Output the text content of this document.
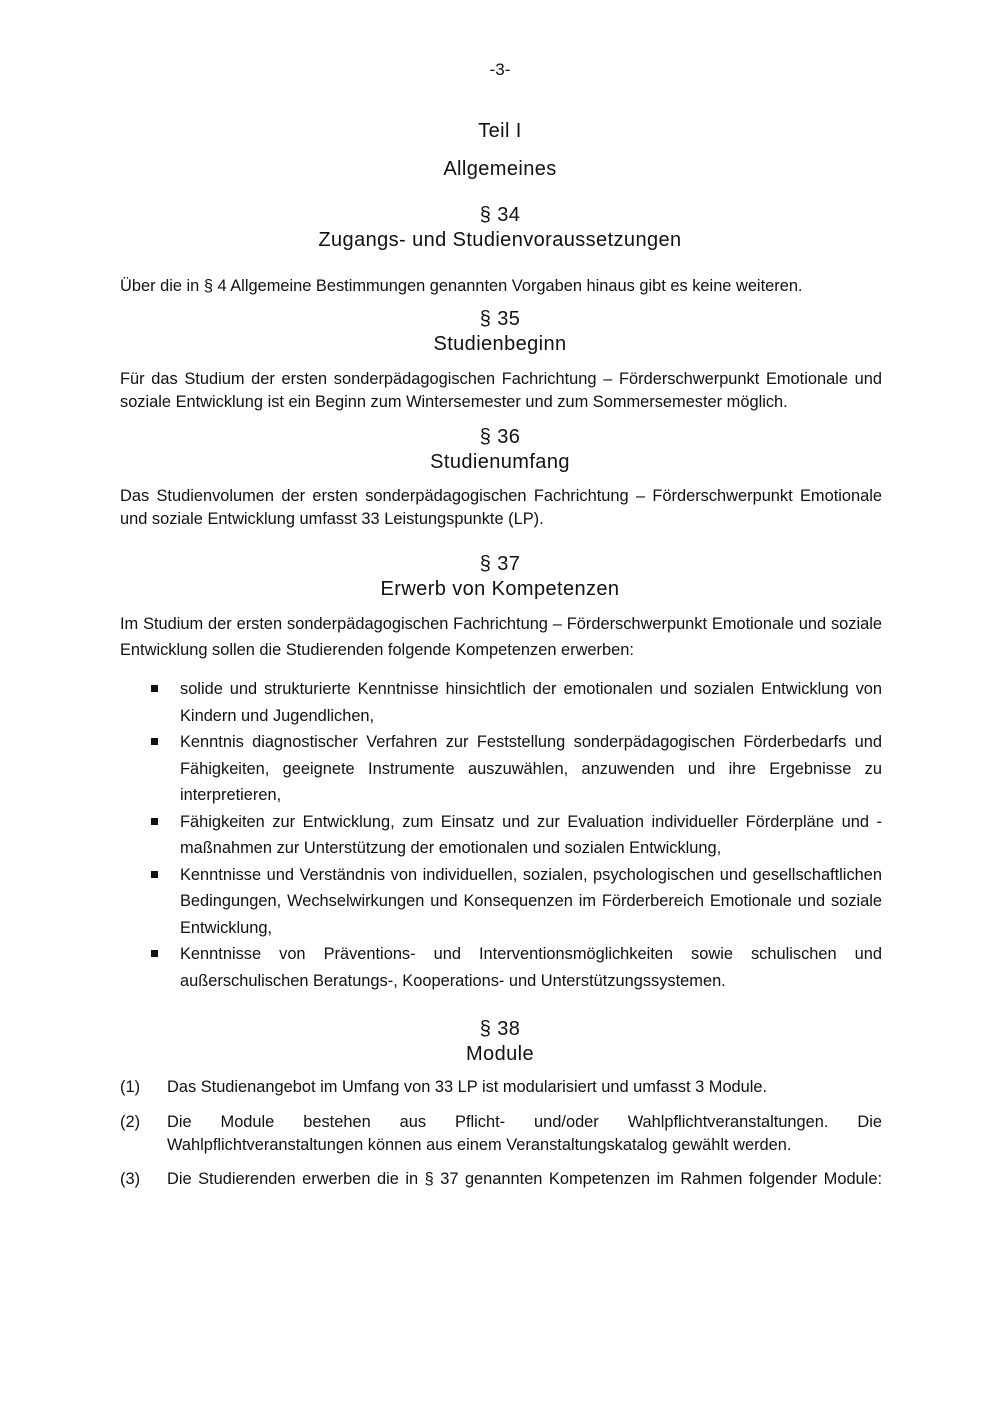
-3-
Teil I
Allgemeines
§ 34
Zugangs- und Studienvoraussetzungen
Über die in § 4 Allgemeine Bestimmungen genannten Vorgaben hinaus gibt es keine weiteren.
§ 35
Studienbeginn
Für das Studium der ersten sonderpädagogischen Fachrichtung – Förderschwerpunkt Emotionale und soziale Entwicklung ist ein Beginn zum Wintersemester und zum Sommersemester möglich.
§ 36
Studienumfang
Das Studienvolumen der ersten sonderpädagogischen Fachrichtung – Förderschwerpunkt Emotionale und soziale Entwicklung umfasst 33 Leistungspunkte (LP).
§ 37
Erwerb von Kompetenzen
Im Studium der ersten sonderpädagogischen Fachrichtung – Förderschwerpunkt Emotionale und soziale Entwicklung sollen die Studierenden folgende Kompetenzen erwerben:
solide und strukturierte Kenntnisse hinsichtlich der emotionalen und sozialen Entwicklung von Kindern und Jugendlichen,
Kenntnis diagnostischer Verfahren zur Feststellung sonderpädagogischen Förderbedarfs und Fähigkeiten, geeignete Instrumente auszuwählen, anzuwenden und ihre Ergebnisse zu interpretieren,
Fähigkeiten zur Entwicklung, zum Einsatz und zur Evaluation individueller Förderpläne und -maßnahmen zur Unterstützung der emotionalen und sozialen Entwicklung,
Kenntnisse und Verständnis von individuellen, sozialen, psychologischen und gesellschaftlichen Bedingungen, Wechselwirkungen und Konsequenzen im Förderbereich Emotionale und soziale Entwicklung,
Kenntnisse von Präventions- und Interventionsmöglichkeiten sowie schulischen und außerschulischen Beratungs-, Kooperations- und Unterstützungssystemen.
§ 38
Module
(1) Das Studienangebot im Umfang von 33 LP ist modularisiert und umfasst 3 Module.
(2) Die Module bestehen aus Pflicht- und/oder Wahlpflichtveranstaltungen. Die Wahlpflichtveranstaltungen können aus einem Veranstaltungskatalog gewählt werden.
(3) Die Studierenden erwerben die in § 37 genannten Kompetenzen im Rahmen folgender Module:
